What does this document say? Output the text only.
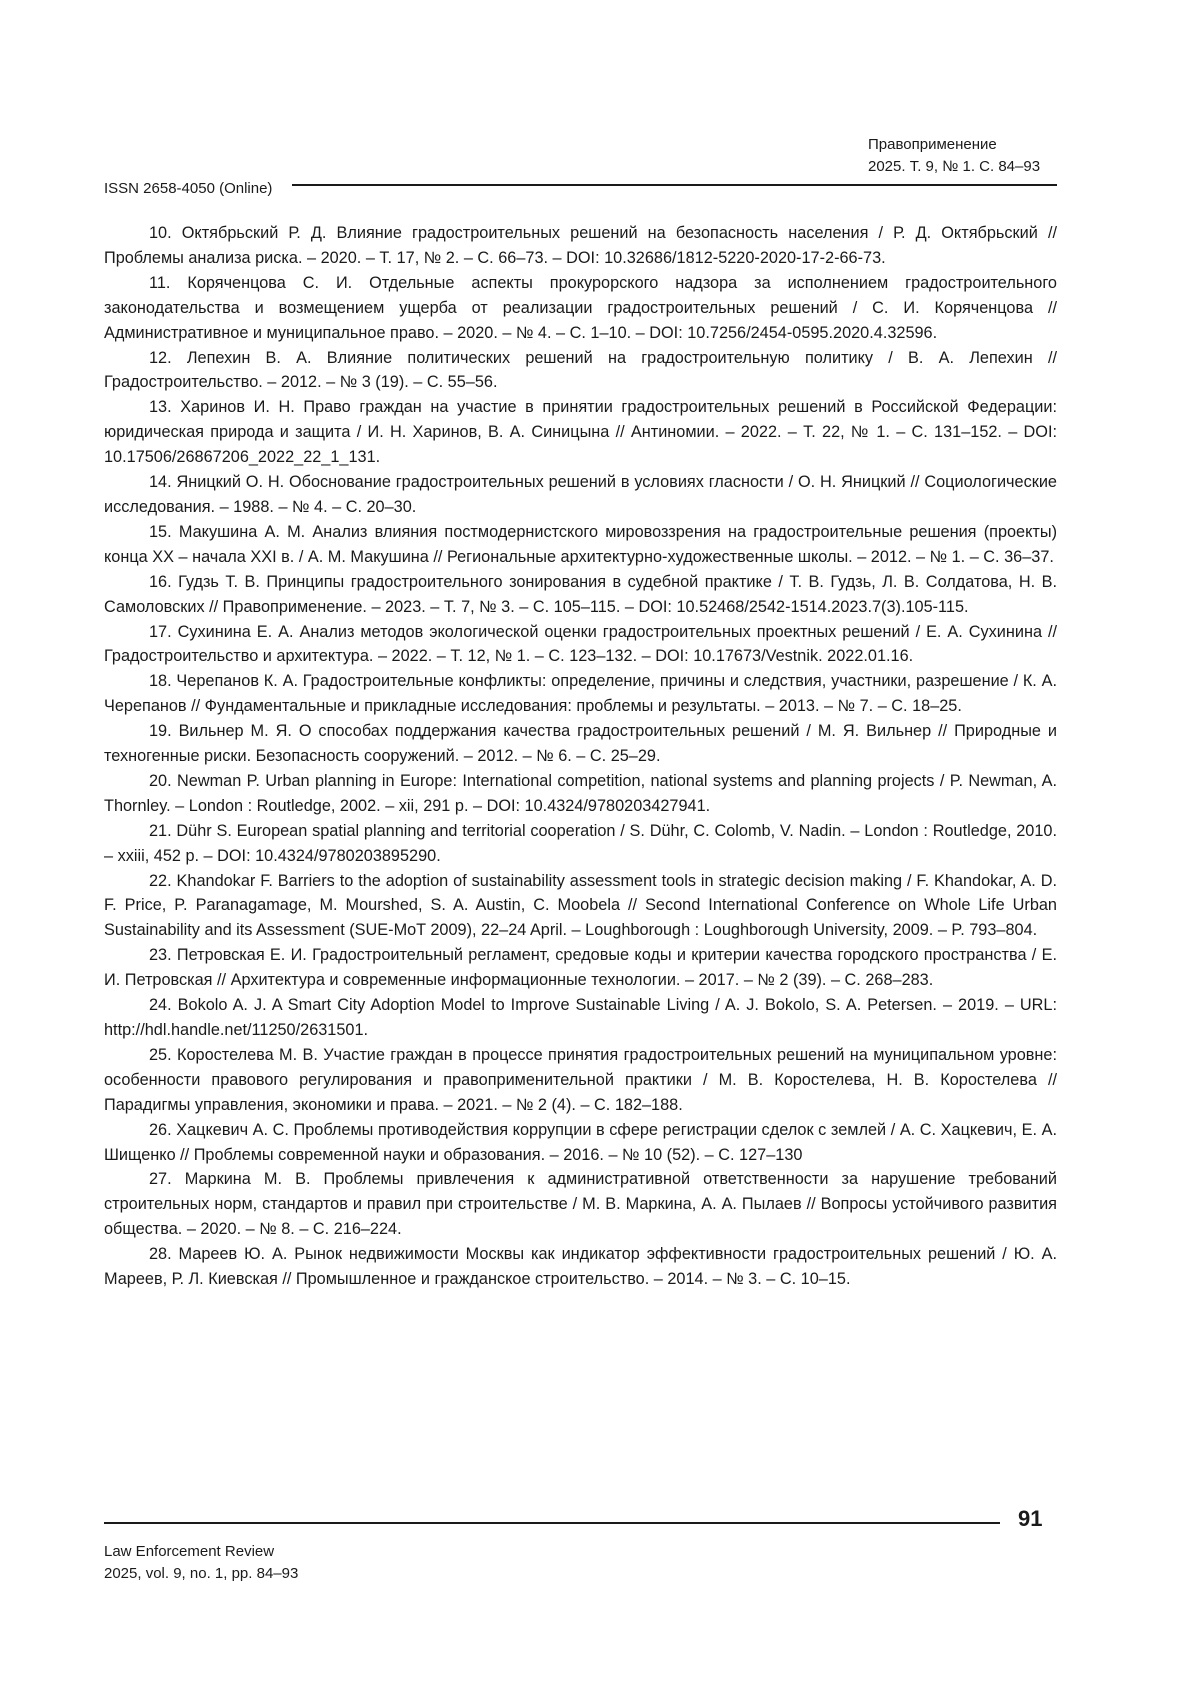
Правоприменение
2025. Т. 9, № 1. С. 84–93
ISSN 2658-4050 (Online)

10. Октябрьский Р. Д. Влияние градостроительных решений на безопасность населения / Р. Д. Октябрьский // Проблемы анализа риска. – 2020. – Т. 17, № 2. – С. 66–73. – DOI: 10.32686/1812-5220-2020-17-2-66-73.

11. Коряченцова С. И. Отдельные аспекты прокурорского надзора за исполнением градостроительного законодательства и возмещением ущерба от реализации градостроительных решений / С. И. Коряченцова // Административное и муниципальное право. – 2020. – № 4. – С. 1–10. – DOI: 10.7256/2454-0595.2020.4.32596.

12. Лепехин В. А. Влияние политических решений на градостроительную политику / В. А. Лепехин // Градостроительство. – 2012. – № 3 (19). – С. 55–56.

13. Харинов И. Н. Право граждан на участие в принятии градостроительных решений в Российской Федерации: юридическая природа и защита / И. Н. Харинов, В. А. Синицына // Антиномии. – 2022. – Т. 22, № 1. – С. 131–152. – DOI: 10.17506/26867206_2022_22_1_131.

14. Яницкий О. Н. Обоснование градостроительных решений в условиях гласности / О. Н. Яницкий // Социологические исследования. – 1988. – № 4. – С. 20–30.

15. Макушина А. М. Анализ влияния постмодернистского мировоззрения на градостроительные решения (проекты) конца XX – начала XXI в. / А. М. Макушина // Региональные архитектурно-художественные школы. – 2012. – № 1. – С. 36–37.

16. Гудзь Т. В. Принципы градостроительного зонирования в судебной практике / Т. В. Гудзь, Л. В. Солдатова, Н. В. Самоловских // Правоприменение. – 2023. – Т. 7, № 3. – С. 105–115. – DOI: 10.52468/2542-1514.2023.7(3).105-115.

17. Сухинина Е. А. Анализ методов экологической оценки градостроительных проектных решений / Е. А. Сухинина // Градостроительство и архитектура. – 2022. – Т. 12, № 1. – С. 123–132. – DOI: 10.17673/Vestnik. 2022.01.16.

18. Черепанов К. А. Градостроительные конфликты: определение, причины и следствия, участники, разрешение / К. А. Черепанов // Фундаментальные и прикладные исследования: проблемы и результаты. – 2013. – № 7. – С. 18–25.

19. Вильнер М. Я. О способах поддержания качества градостроительных решений / М. Я. Вильнер // Природные и техногенные риски. Безопасность сооружений. – 2012. – № 6. – С. 25–29.

20. Newman P. Urban planning in Europe: International competition, national systems and planning projects / P. Newman, A. Thornley. – London : Routledge, 2002. – xii, 291 p. – DOI: 10.4324/9780203427941.

21. Dühr S. European spatial planning and territorial cooperation / S. Dühr, C. Colomb, V. Nadin. – London : Routledge, 2010. – xxiii, 452 p. – DOI: 10.4324/9780203895290.

22. Khandokar F. Barriers to the adoption of sustainability assessment tools in strategic decision making / F. Khandokar, A. D. F. Price, P. Paranagamage, M. Mourshed, S. A. Austin, C. Moobela // Second International Conference on Whole Life Urban Sustainability and its Assessment (SUE-MoT 2009), 22–24 April. – Loughborough : Loughborough University, 2009. – P. 793–804.

23. Петровская Е. И. Градостроительный регламент, средовые коды и критерии качества городского пространства / Е. И. Петровская // Архитектура и современные информационные технологии. – 2017. – № 2 (39). – С. 268–283.

24. Bokolo A. J. A Smart City Adoption Model to Improve Sustainable Living / A. J. Bokolo, S. A. Petersen. – 2019. – URL: http://hdl.handle.net/11250/2631501.

25. Коростелева М. В. Участие граждан в процессе принятия градостроительных решений на муниципальном уровне: особенности правового регулирования и правоприменительной практики / М. В. Коростелева, Н. В. Коростелева // Парадигмы управления, экономики и права. – 2021. – № 2 (4). – С. 182–188.

26. Хацкевич А. С. Проблемы противодействия коррупции в сфере регистрации сделок с землей / А. С. Хацкевич, Е. А. Шищенко // Проблемы современной науки и образования. – 2016. – № 10 (52). – С. 127–130

27. Маркина М. В. Проблемы привлечения к административной ответственности за нарушение требований строительных норм, стандартов и правил при строительстве / М. В. Маркина, А. А. Пылаев // Вопросы устойчивого развития общества. – 2020. – № 8. – С. 216–224.

28. Мареев Ю. А. Рынок недвижимости Москвы как индикатор эффективности градостроительных решений / Ю. А. Мареев, Р. Л. Киевская // Промышленное и гражданское строительство. – 2014. – № 3. – С. 10–15.

91
Law Enforcement Review
2025, vol. 9, no. 1, pp. 84–93
